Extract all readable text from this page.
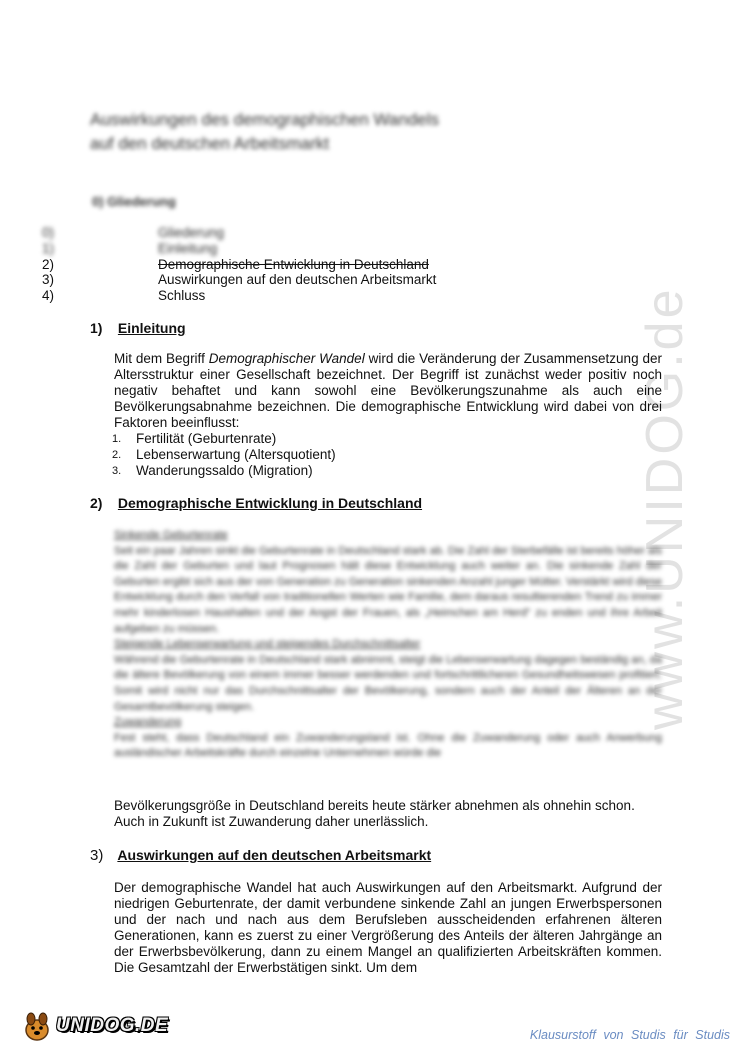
www.UNIDOG.de
Auswirkungen des demographischen Wandels
auf den deutschen Arbeitsmarkt
0) Gliederung
0)	Gliederung
1)	Einleitung
2)	Demographische Entwicklung in Deutschland
3)	Auswirkungen auf den deutschen Arbeitsmarkt
4)	Schluss
1) Einleitung
Mit dem Begriff Demographischer Wandel wird die Veränderung der Zusammensetzung der Altersstruktur einer Gesellschaft bezeichnet. Der Begriff ist zunächst weder positiv noch negativ behaftet und kann sowohl eine Bevölkerungszunahme als auch eine Bevölkerungsabnahme bezeichnen. Die demographische Entwicklung wird dabei von drei Faktoren beeinflusst:
1. Fertilität (Geburtenrate)
2. Lebenserwartung (Altersquotient)
3. Wanderungssaldo (Migration)
2) Demographische Entwicklung in Deutschland
Sinkende Geburtenrate
Seit ein paar Jahren sinkt die Geburtenrate in Deutschland stark ab. Die Zahl der Sterbefälle ist bereits höher als die Zahl der Geburten und laut Prognosen hält diese Entwicklung auch weiter an. Die sinkende Zahl der Geburten ergibt sich aus der von Generation zu Generation sinkenden Anzahl junger Mütter. Verstärkt wird diese Entwicklung durch den Verfall von traditionellen Werten wie Familie, dem daraus resultierenden Trend zu immer mehr kinderlosen Haushalten und der Angst der Frauen, als „Heimchen am Herd“ zu enden und ihre Arbeit aufgeben zu müssen.
Steigende Lebenserwartung und steigendes Durchschnittsalter
Während die Geburtenrate in Deutschland stark abnimmt, steigt die Lebenserwartung dagegen beständig an, da die ältere Bevölkerung von einem immer besser werdenden und fortschrittlicheren Gesundheitswesen profitiert. Somit wird nicht nur das Durchschnittsalter der Bevölkerung, sondern auch der Anteil der Älteren an der Gesamtbevölkerung steigen.
Zuwanderung
Fest steht, dass Deutschland ein Zuwanderungsland ist. Ohne die Zuwanderung oder auch Anwerbung ausländischer Arbeitskräfte durch einzelne Unternehmen würde die
Bevölkerungsgröße in Deutschland bereits heute stärker abnehmen als ohnehin schon.
Auch in Zukunft ist Zuwanderung daher unerlässlich.
3) Auswirkungen auf den deutschen Arbeitsmarkt
Der demographische Wandel hat auch Auswirkungen auf den Arbeitsmarkt. Aufgrund der niedrigen Geburtenrate, der damit verbundene sinkende Zahl an jungen Erwerbspersonen und der nach und nach aus dem Berufsleben ausscheidenden erfahrenen älteren Generationen, kann es zuerst zu einer Vergrößerung des Anteils der älteren Jahrgänge an der Erwerbsbevölkerung, dann zu einem Mangel an qualifizierten Arbeitskräften kommen. Die Gesamtzahl der Erwerbstätigen sinkt. Um dem
UNIDOG.DE	Klausurstoff von Studis für Studis
